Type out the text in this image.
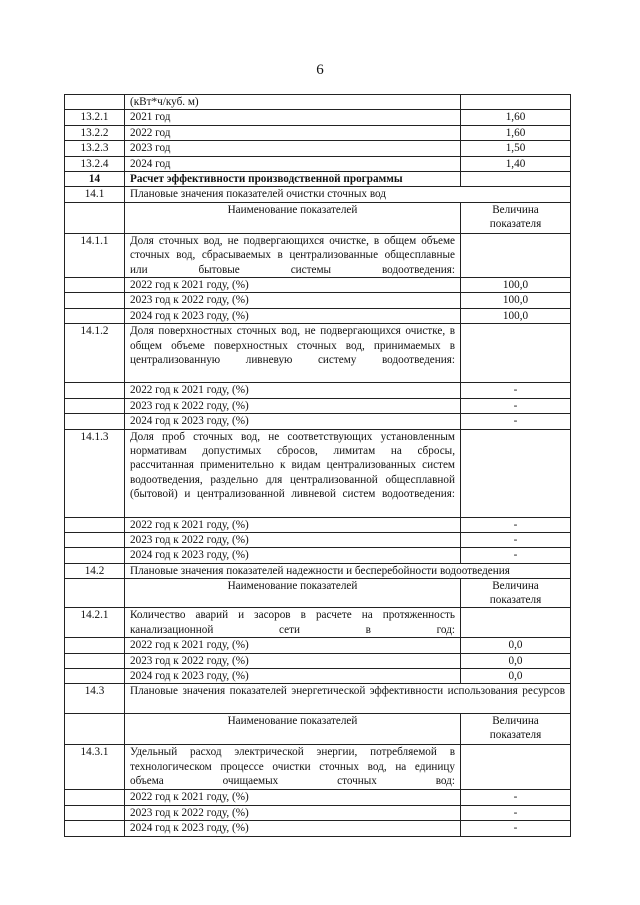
6
	(кВт*ч/куб. м)	
13.2.1	2021 год	1,60
13.2.2	2022 год	1,60
13.2.3	2023 год	1,50
13.2.4	2024 год	1,40
14	Расчет эффективности производственной программы	
14.1	Плановые значения показателей очистки сточных вод	
	Наименование показателей	Величина показателя
14.1.1	Доля сточных вод, не подвергающихся очистке, в общем объеме сточных вод, сбрасываемых в централизованные общесплавные или бытовые системы водоотведения:	
	2022 год к 2021 году, (%)	100,0
	2023 год к 2022 году, (%)	100,0
	2024 год к 2023 году, (%)	100,0
14.1.2	Доля поверхностных сточных вод, не подвергающихся очистке, в общем объеме поверхностных сточных вод, принимаемых в централизованную ливневую систему водоотведения:	
	2022 год к 2021 году, (%)	-
	2023 год к 2022 году, (%)	-
	2024 год к 2023 году, (%)	-
14.1.3	Доля проб сточных вод, не соответствующих установленным нормативам допустимых сбросов, лимитам на сбросы, рассчитанная применительно к видам централизованных систем водоотведения, раздельно для централизованной общесплавной (бытовой) и централизованной ливневой систем водоотведения:	
	2022 год к 2021 году, (%)	-
	2023 год к 2022 году, (%)	-
	2024 год к 2023 году, (%)	-
14.2	Плановые значения показателей надежности и бесперебойности водоотведения	
	Наименование показателей	Величина показателя
14.2.1	Количество аварий и засоров в расчете на протяженность канализационной сети в год:	
	2022 год к 2021 году, (%)	0,0
	2023 год к 2022 году, (%)	0,0
	2024 год к 2023 году, (%)	0,0
14.3	Плановые значения показателей энергетической эффективности использования ресурсов	
	Наименование показателей	Величина показателя
14.3.1	Удельный расход электрической энергии, потребляемой в технологическом процессе очистки сточных вод, на единицу объема очищаемых сточных вод:	
	2022 год к 2021 году, (%)	-
	2023 год к 2022 году, (%)	-
	2024 год к 2023 году, (%)	-
